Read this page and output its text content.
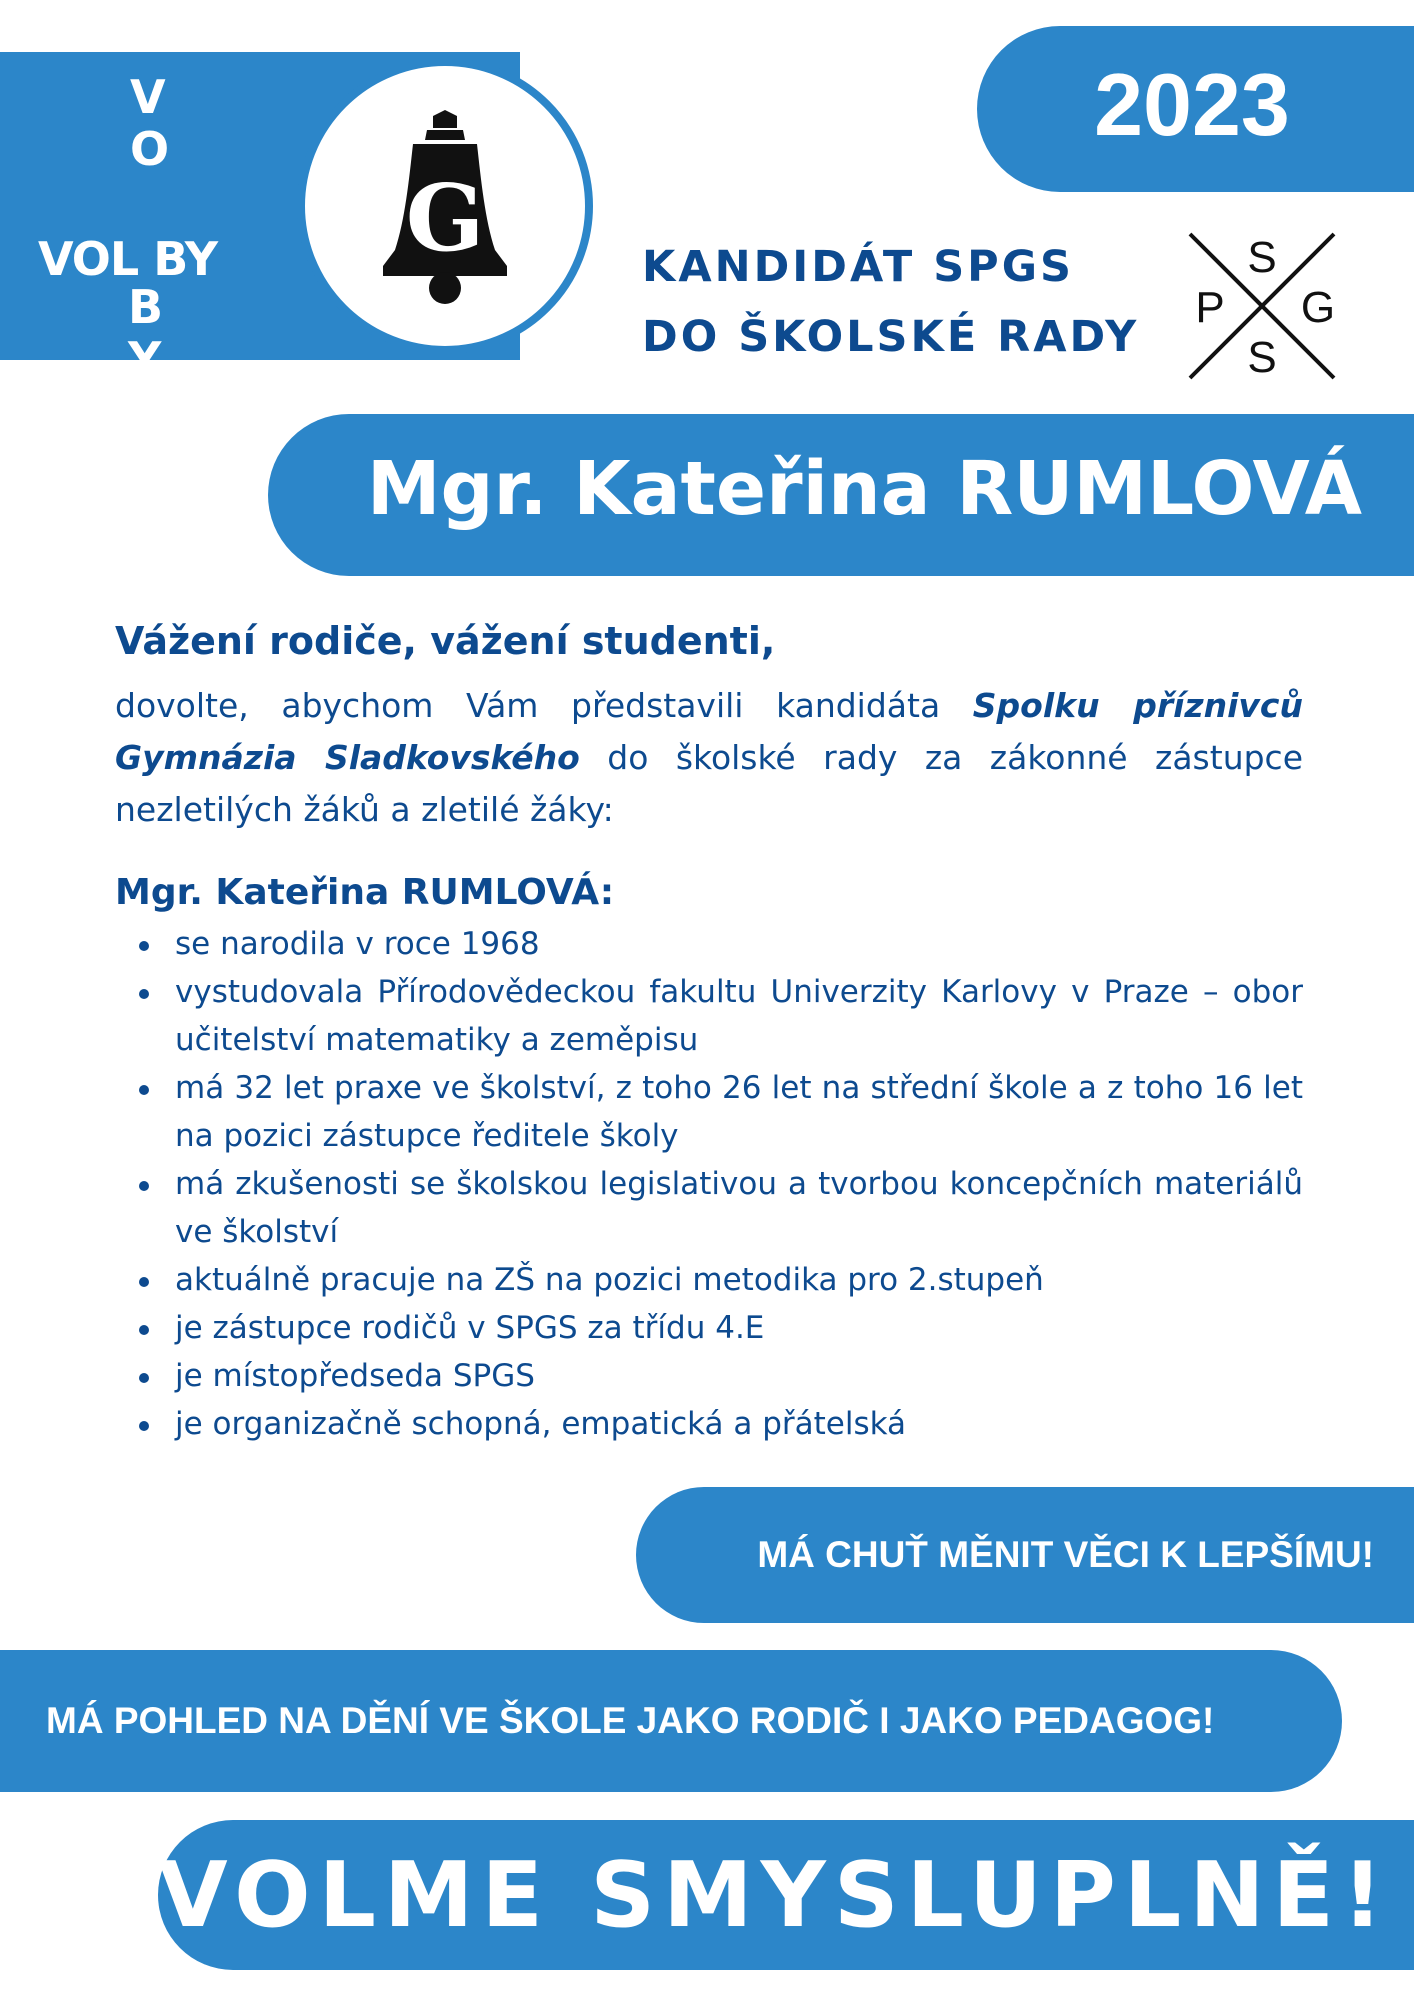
V
O
VOL BY
B
Y
G
2023
KANDIDÁT SPGS
DO ŠKOLSKÉ RADY
S
P G
S
Mgr. Kateřina RUMLOVÁ
Vážení rodiče, vážení studenti,
dovolte, abychom Vám představili kandidáta Spolku příznivců Gymnázia Sladkovského do školské rady za zákonné zástupce nezletilých žáků a zletilé žáky:
Mgr. Kateřina RUMLOVÁ:
se narodila v roce 1968
vystudovala Přírodovědeckou fakultu Univerzity Karlovy v Praze – obor učitelství matematiky a zeměpisu
má 32 let praxe ve školství, z toho 26 let na střední škole a z toho 16 let na pozici zástupce ředitele školy
má zkušenosti se školskou legislativou a tvorbou koncepčních materiálů ve školství
aktuálně pracuje na ZŠ na pozici metodika pro 2.stupeň
je zástupce rodičů v SPGS za třídu 4.E
je místopředseda SPGS
je organizačně schopná, empatická a přátelská
MÁ CHUŤ MĚNIT VĚCI K LEPŠÍMU!
MÁ POHLED NA DĚNÍ VE ŠKOLE JAKO RODIČ I JAKO PEDAGOG!
VOLME SMYSLUPLNĚ!
